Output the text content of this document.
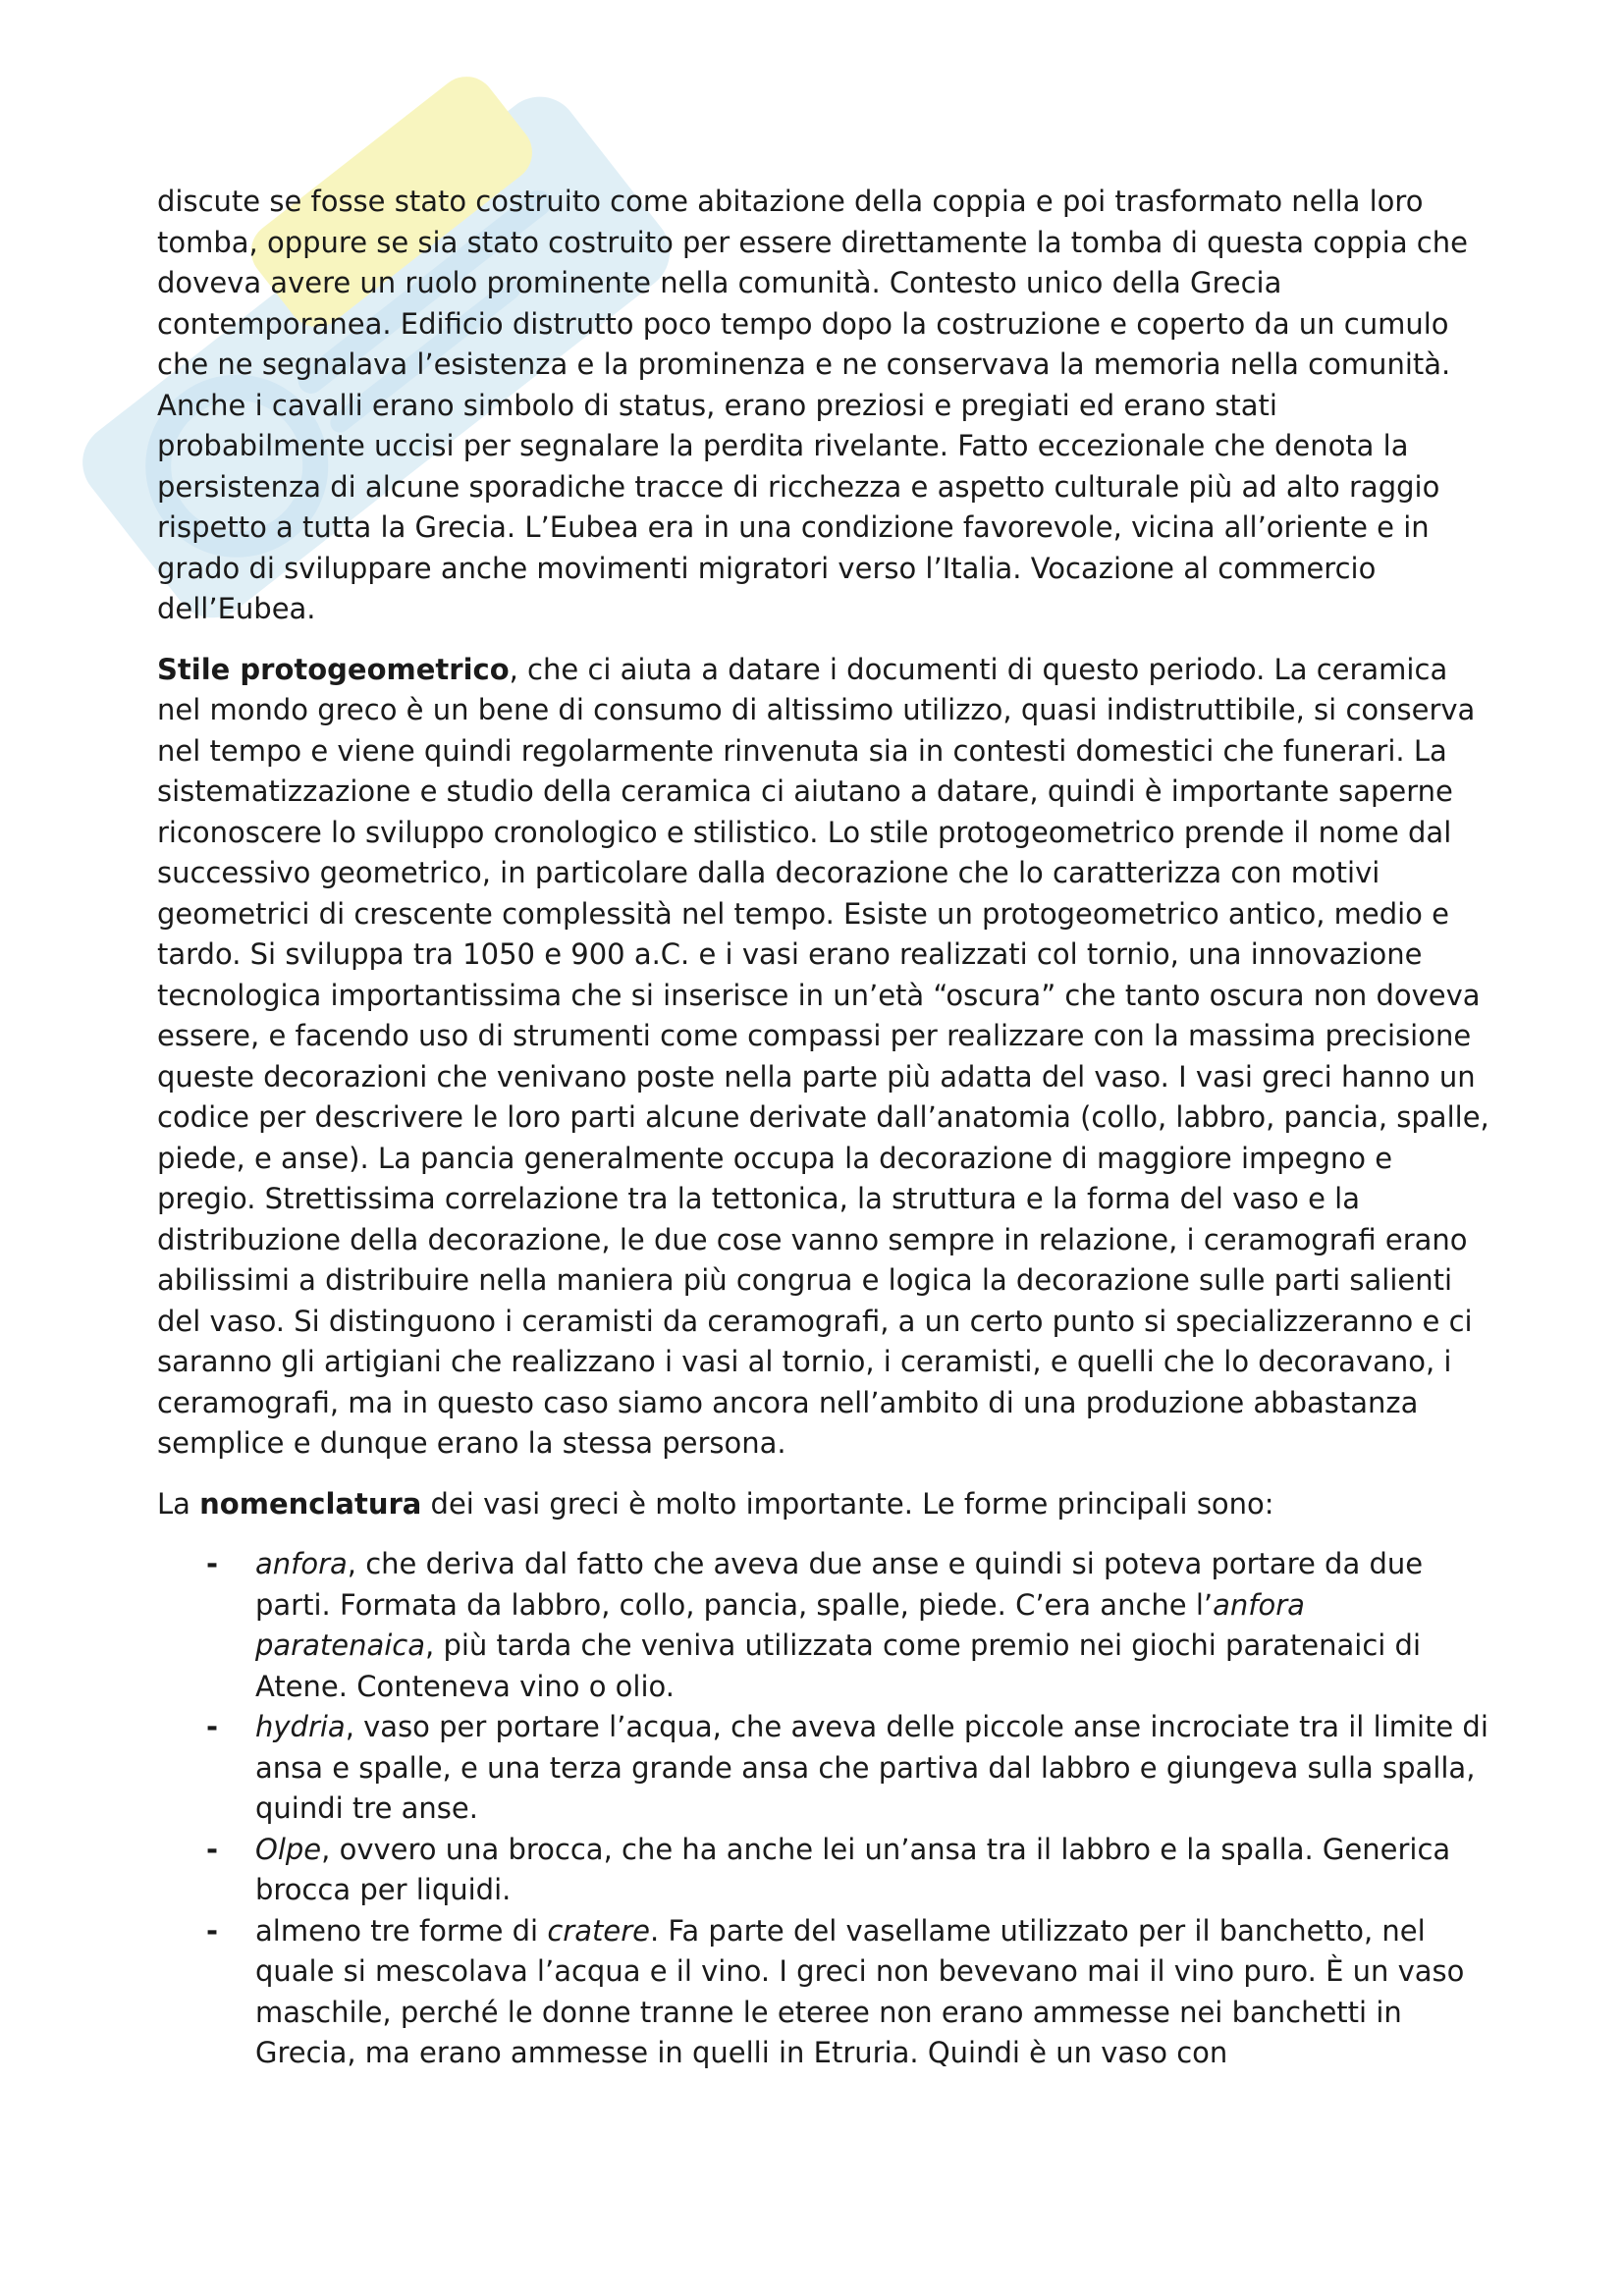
discute se fosse stato costruito come abitazione della coppia e poi trasformato nella loro tomba, oppure se sia stato costruito per essere direttamente la tomba di questa coppia che doveva avere un ruolo prominente nella comunità. Contesto unico della Grecia contemporanea. Edificio distrutto poco tempo dopo la costruzione e coperto da un cumulo che ne segnalava l’esistenza e la prominenza e ne conservava la memoria nella comunità. Anche i cavalli erano simbolo di status, erano preziosi e pregiati ed erano stati probabilmente uccisi per segnalare la perdita rivelante. Fatto eccezionale che denota la persistenza di alcune sporadiche tracce di ricchezza e aspetto culturale più ad alto raggio rispetto a tutta la Grecia. L’Eubea era in una condizione favorevole, vicina all’oriente e in grado di sviluppare anche movimenti migratori verso l’Italia. Vocazione al commercio dell’Eubea.

Stile protogeometrico, che ci aiuta a datare i documenti di questo periodo. La ceramica nel mondo greco è un bene di consumo di altissimo utilizzo, quasi indistruttibile, si conserva nel tempo e viene quindi regolarmente rinvenuta sia in contesti domestici che funerari. La sistematizzazione e studio della ceramica ci aiutano a datare, quindi è importante saperne riconoscere lo sviluppo cronologico e stilistico. Lo stile protogeometrico prende il nome dal successivo geometrico, in particolare dalla decorazione che lo caratterizza con motivi geometrici di crescente complessità nel tempo. Esiste un protogeometrico antico, medio e tardo. Si sviluppa tra 1050 e 900 a.C. e i vasi erano realizzati col tornio, una innovazione tecnologica importantissima che si inserisce in un’età “oscura” che tanto oscura non doveva essere, e facendo uso di strumenti come compassi per realizzare con la massima precisione queste decorazioni che venivano poste nella parte più adatta del vaso. I vasi greci hanno un codice per descrivere le loro parti alcune derivate dall’anatomia (collo, labbro, pancia, spalle, piede, e anse). La pancia generalmente occupa la decorazione di maggiore impegno e pregio. Strettissima correlazione tra la tettonica, la struttura e la forma del vaso e la distribuzione della decorazione, le due cose vanno sempre in relazione, i ceramografi erano abilissimi a distribuire nella maniera più congrua e logica la decorazione sulle parti salienti del vaso. Si distinguono i ceramisti da ceramografi, a un certo punto si specializzeranno e ci saranno gli artigiani che realizzano i vasi al tornio, i ceramisti, e quelli che lo decoravano, i ceramografi, ma in questo caso siamo ancora nell’ambito di una produzione abbastanza semplice e dunque erano la stessa persona.

La nomenclatura dei vasi greci è molto importante. Le forme principali sono:

- anfora, che deriva dal fatto che aveva due anse e quindi si poteva portare da due parti. Formata da labbro, collo, pancia, spalle, piede. C’era anche l’anfora paratenaica, più tarda che veniva utilizzata come premio nei giochi paratenaici di Atene. Conteneva vino o olio.
- hydria, vaso per portare l’acqua, che aveva delle piccole anse incrociate tra il limite di ansa e spalle, e una terza grande ansa che partiva dal labbro e giungeva sulla spalla, quindi tre anse.
- Olpe, ovvero una brocca, che ha anche lei un’ansa tra il labbro e la spalla. Generica brocca per liquidi.
- almeno tre forme di cratere. Fa parte del vasellame utilizzato per il banchetto, nel quale si mescolava l’acqua e il vino. I greci non bevevano mai il vino puro. È un vaso maschile, perché le donne tranne le eteree non erano ammesse nei banchetti in Grecia, ma erano ammesse in quelli in Etruria. Quindi è un vaso con
